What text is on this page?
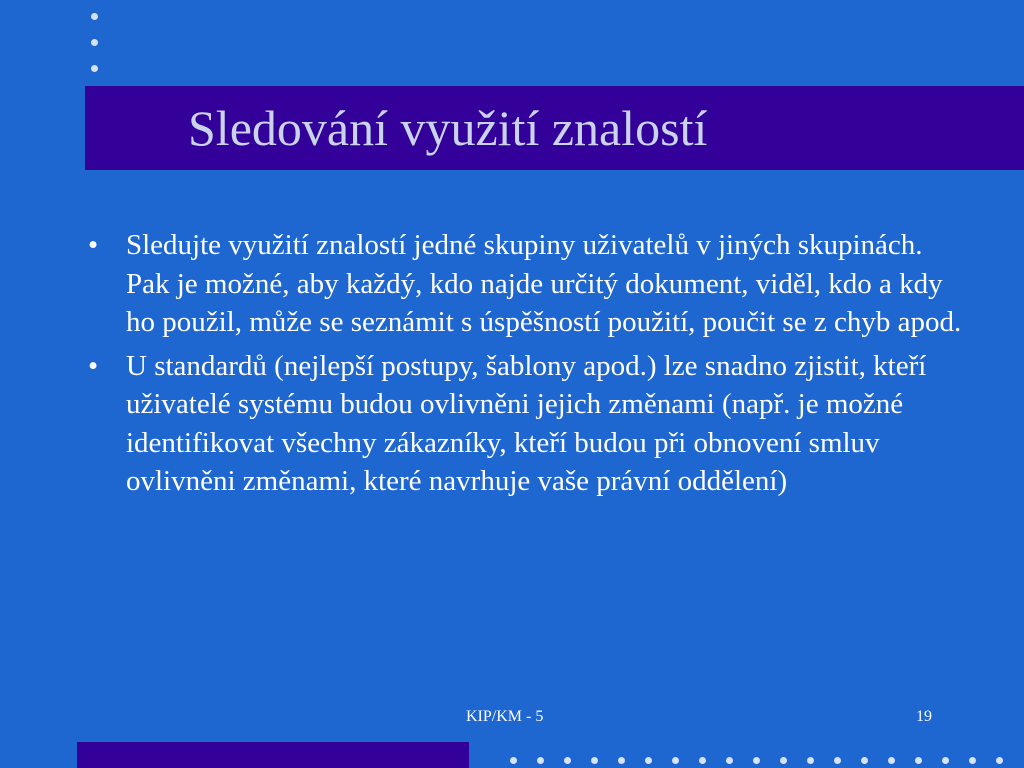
Sledování využití znalostí
• Sledujte využití znalostí jedné skupiny uživatelů v jiných skupinách. Pak je možné, aby každý, kdo najde určitý dokument, viděl, kdo a kdy ho použil, může se seznámit s úspěšností použití, poučit se z chyb apod.
• U standardů (nejlepší postupy, šablony apod.) lze snadno zjistit, kteří uživatelé systému budou ovlivněni jejich změnami (např. je možné identifikovat všechny zákazníky, kteří budou při obnovení smluv ovlivněni změnami, které navrhuje vaše právní oddělení)
KIP/KM - 5	19
